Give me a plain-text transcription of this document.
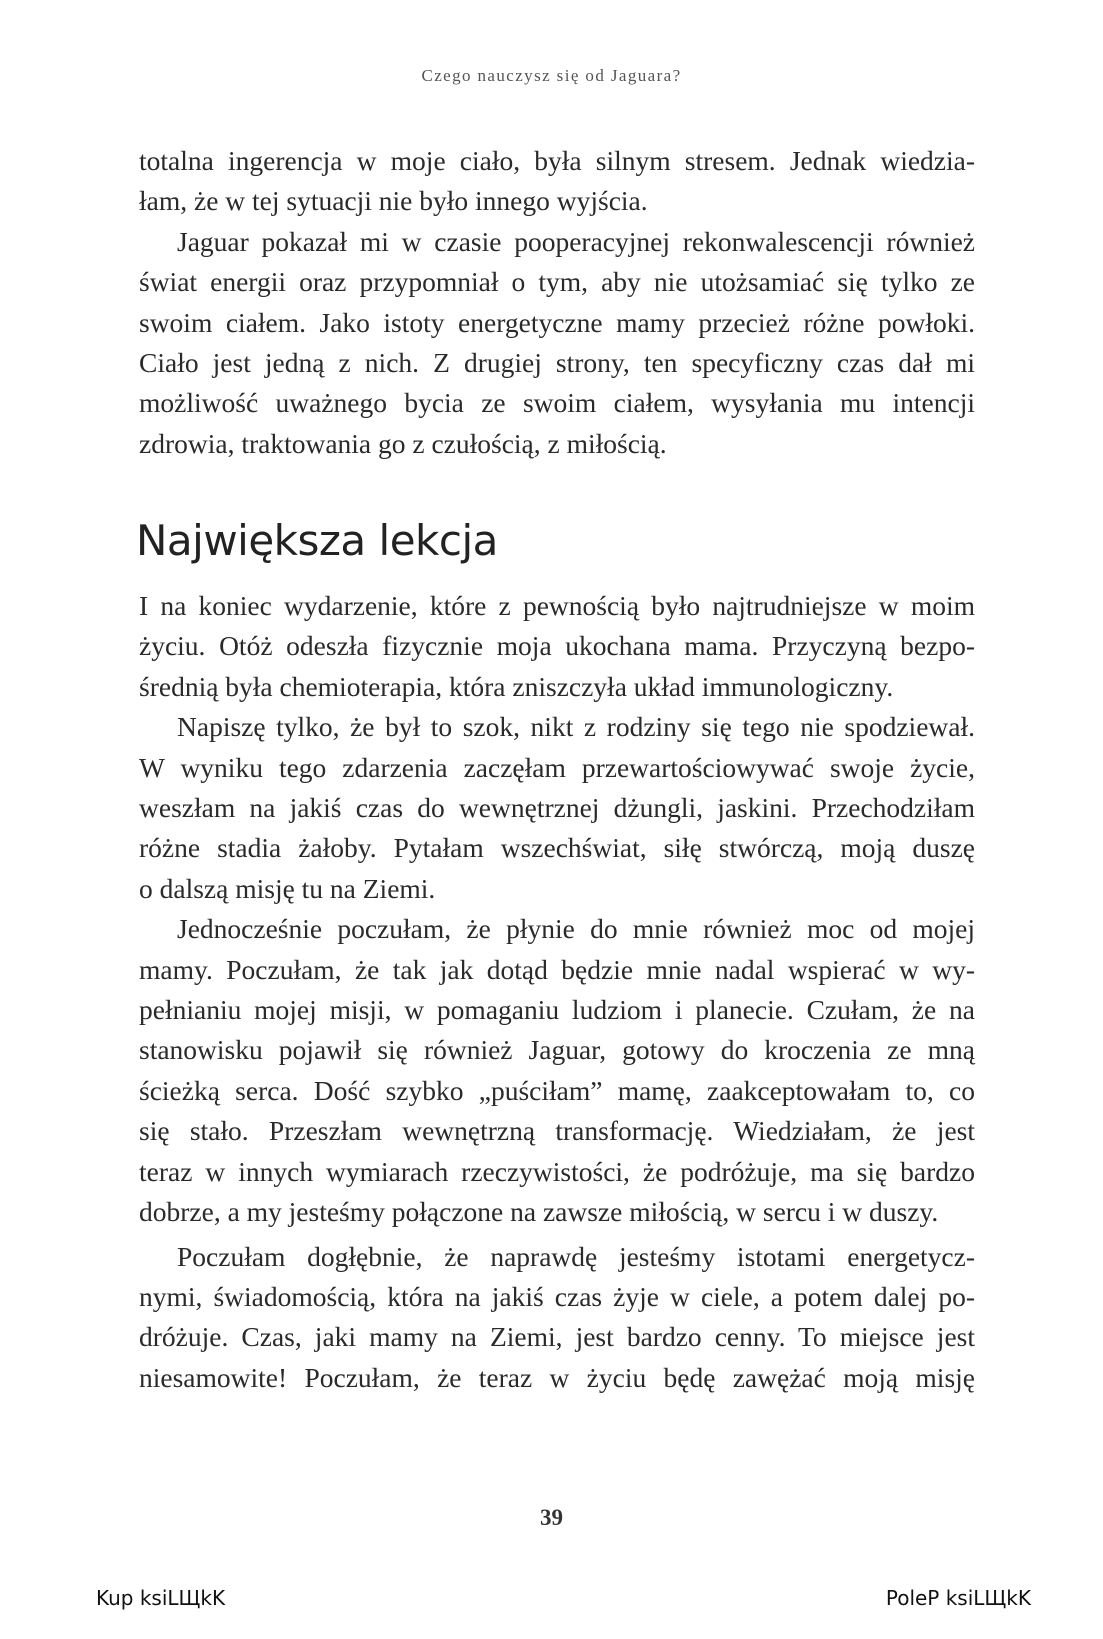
Czego nauczysz się od Jaguara?
totalna ingerencja w moje ciało, była silnym stresem. Jednak wiedzia-
łam, że w tej sytuacji nie było innego wyjścia.
Jaguar pokazał mi w czasie pooperacyjnej rekonwalescencji również
świat energii oraz przypomniał o tym, aby nie utożsamiać się tylko ze
swoim ciałem. Jako istoty energetyczne mamy przecież różne powłoki.
Ciało jest jedną z nich. Z drugiej strony, ten specyficzny czas dał mi
możliwość uważnego bycia ze swoim ciałem, wysyłania mu intencji
zdrowia, traktowania go z czułością, z miłością.
Największa lekcja
I na koniec wydarzenie, które z pewnością było najtrudniejsze w moim
życiu. Otóż odeszła fizycznie moja ukochana mama. Przyczyną bezpo-
średnią była chemioterapia, która zniszczyła układ immunologiczny.
Napiszę tylko, że był to szok, nikt z rodziny się tego nie spodziewał.
W wyniku tego zdarzenia zaczęłam przewartościowywać swoje życie,
weszłam na jakiś czas do wewnętrznej dżungli, jaskini. Przechodziłam
różne stadia żałoby. Pytałam wszechświat, siłę stwórczą, moją duszę
o dalszą misję tu na Ziemi.
Jednocześnie poczułam, że płynie do mnie również moc od mojej
mamy. Poczułam, że tak jak dotąd będzie mnie nadal wspierać w wy-
pełnianiu mojej misji, w pomaganiu ludziom i planecie. Czułam, że na
stanowisku pojawił się również Jaguar, gotowy do kroczenia ze mną
ścieżką serca. Dość szybko „puściłam” mamę, zaakceptowałam to, co
się stało. Przeszłam wewnętrzną transformację. Wiedziałam, że jest
teraz w innych wymiarach rzeczywistości, że podróżuje, ma się bardzo
dobrze, a my jesteśmy połączone na zawsze miłością, w sercu i w duszy.
Poczułam dogłębnie, że naprawdę jesteśmy istotami energetycz-
nymi, świadomością, która na jakiś czas żyje w ciele, a potem dalej po-
dróżuje. Czas, jaki mamy na Ziemi, jest bardzo cenny. To miejsce jest
niesamowite! Poczułam, że teraz w życiu będę zawężać moją misję
39
Kup ksiLЩkK	PoleP ksiLЩkK
